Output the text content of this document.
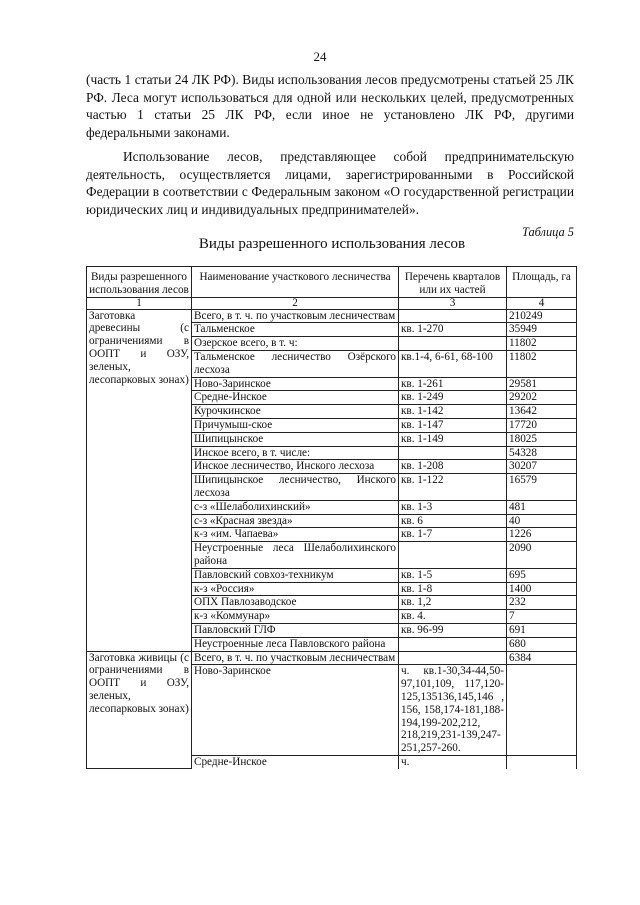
24

(часть 1 статьи 24 ЛК РФ). Виды использования лесов предусмотрены статьей 25 ЛК РФ. Леса могут использоваться для одной или нескольких целей, предусмотренных частью 1 статьи 25 ЛК РФ, если иное не установлено ЛК РФ, другими федеральными законами.

Использование лесов, представляющее собой предпринимательскую деятельность, осуществляется лицами, зарегистрированными в Российской Федерации в соответствии с Федеральным законом «О государственной регистрации юридических лиц и индивидуальных предпринимателей».

Таблица 5
Виды разрешенного использования лесов
Виды разрешенного использования лесов	Наименование участкового лесничества	Перечень кварталов или их частей	Площадь, га
1	2	3	4
Заготовка древесины (с ограничениями в ООПТ и ОЗУ, зеленых, лесопарковых зонах)	Всего, в т. ч. по участковым лесничествам		210249
	Тальменское	кв. 1-270	35949
	Озерское всего, в т. ч:		11802
	Тальменское лесничество Озёрского лесхоза	кв.1-4, 6-61, 68-100	11802
	Ново-Заринское	кв. 1-261	29581
	Средне-Инское	кв. 1-249	29202
	Курочкинское	кв. 1-142	13642
	Причумыш-ское	кв. 1-147	17720
	Шипицынское	кв. 1-149	18025
	Инское всего, в т. числе:		54328
	Инское лесничество, Инского лесхоза	кв. 1-208	30207
	Шипицынское лесничество, Инского лесхоза	кв. 1-122	16579
	с-з «Шелаболихинский»	кв. 1-3	481
	с-з «Красная звезда»	кв. 6	40
	к-з «им. Чапаева»	кв. 1-7	1226
	Неустроенные леса Шелаболихинского района		2090
	Павловский совхоз-техникум	кв. 1-5	695
	к-з «Россия»	кв. 1-8	1400
	ОПХ Павлозаводское	кв. 1,2	232
	к-з «Коммунар»	кв. 4.	7
	Павловский ГЛФ	кв. 96-99	691
	Неустроенные леса Павловского района		680
Заготовка живицы (с ограничениями в ООПТ и ОЗУ, зеленых, лесопарковых зонах)	Всего, в т. ч. по участковым лесничествам		6384
	Ново-Заринское	ч. кв.1-30,34-44,50-97,101,109, 117,120-125,135136,145,146 , 156, 158,174-181,188-194,199-202,212, 218,219,231-139,247-251,257-260.	
	Средне-Инское	ч.	
